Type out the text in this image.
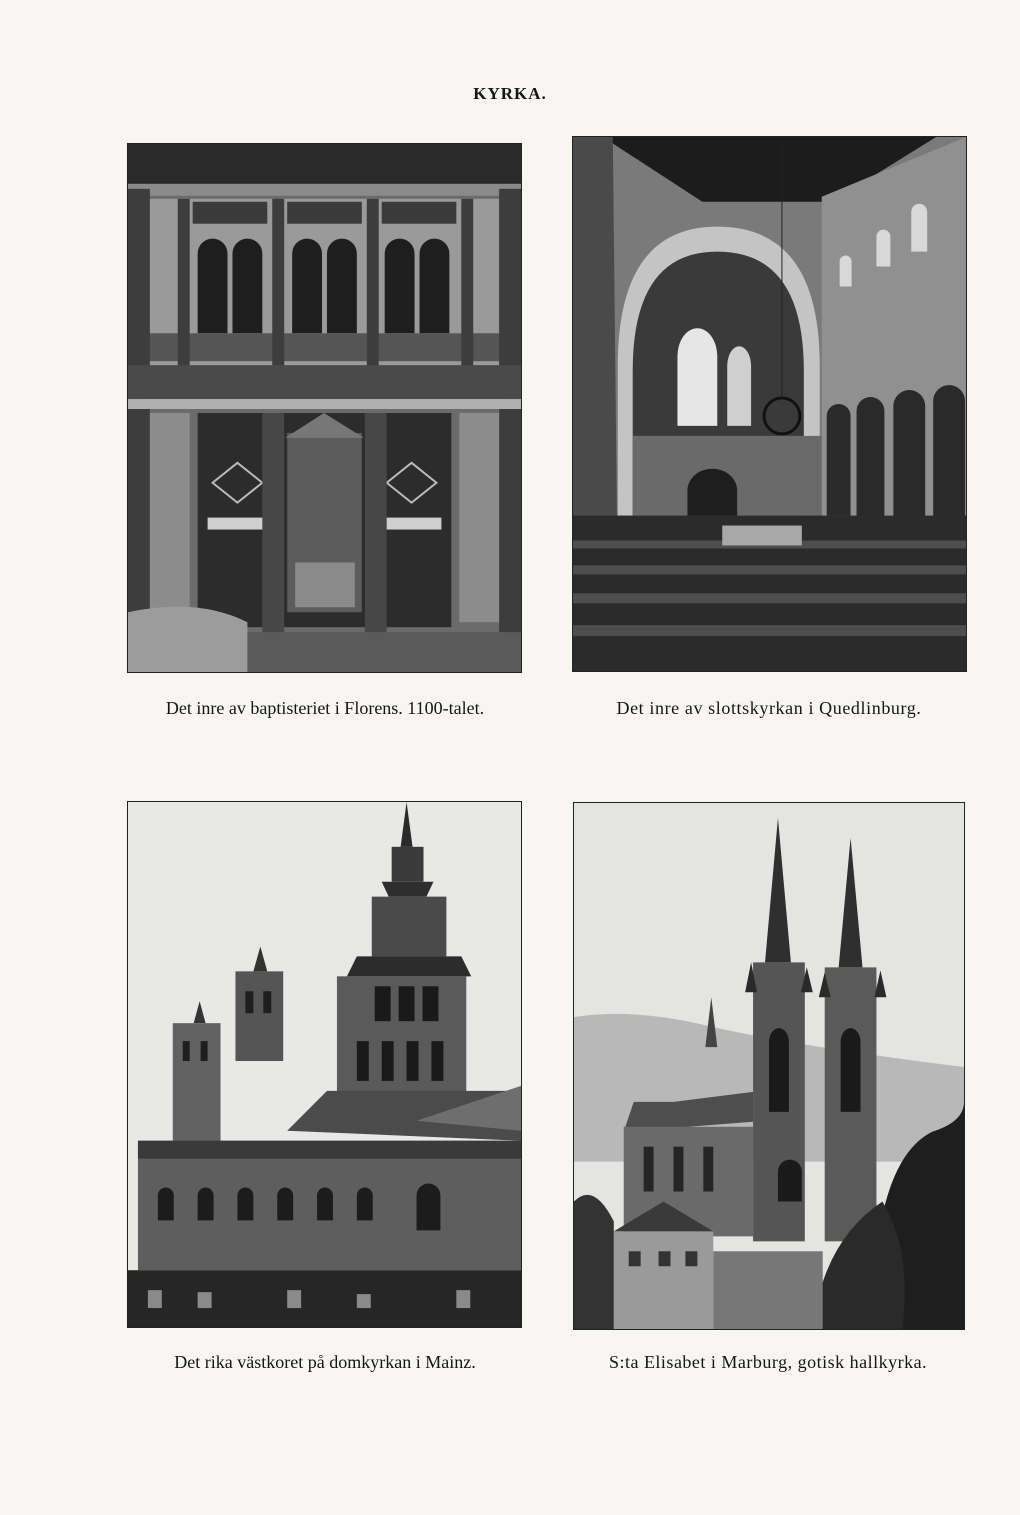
KYRKA.
Det inre av baptisteriet i Florens. 1100-talet.	Det inre av slottskyrkan i Quedlinburg.
Det rika västkoret på domkyrkan i Mainz.	S:ta Elisabet i Marburg, gotisk hallkyrka.
